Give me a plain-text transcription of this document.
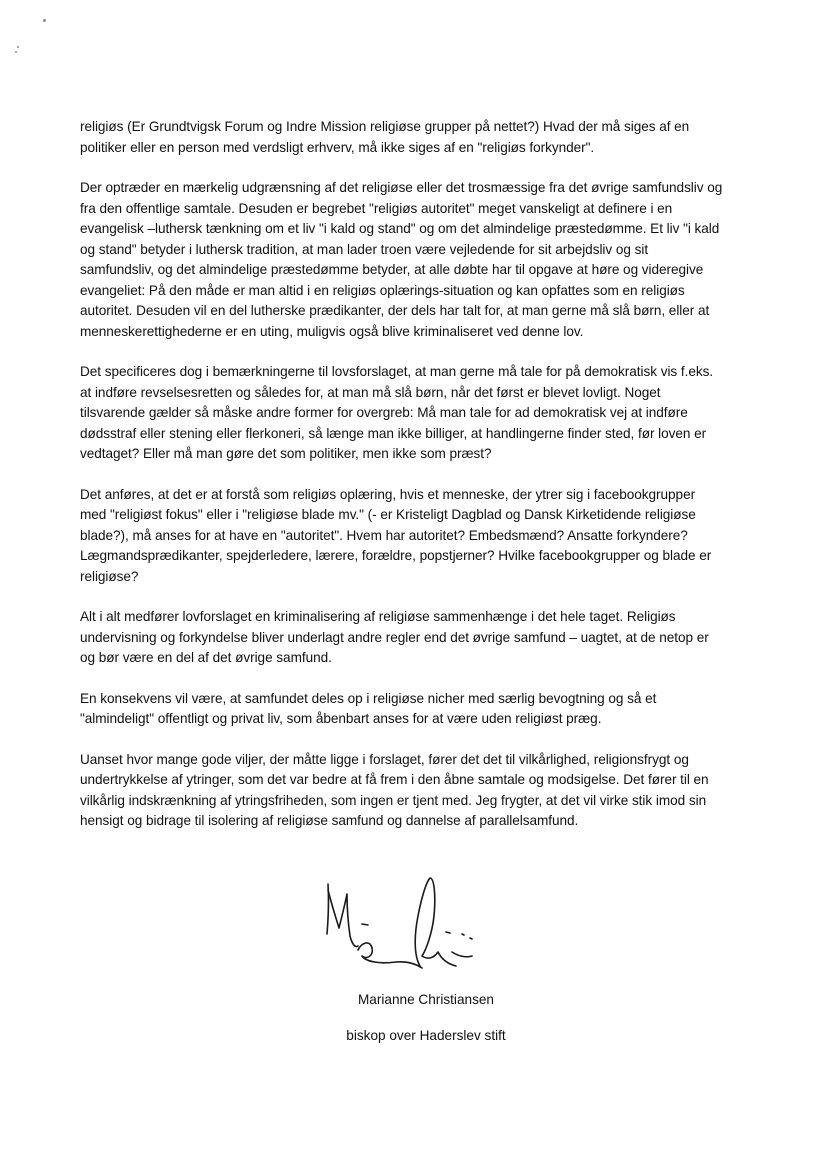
religiøs (Er Grundtvigsk Forum og Indre Mission religiøse grupper på nettet?) Hvad der må siges af en
politiker eller en person med verdsligt erhverv, må ikke siges af en "religiøs forkynder".

Der optræder en mærkelig udgrænsning af det religiøse eller det trosmæssige fra det øvrige samfundsliv og
fra den offentlige samtale. Desuden er begrebet "religiøs autoritet" meget vanskeligt at definere i en
evangelisk –luthersk tænkning om et liv "i kald og stand" og om det almindelige præstedømme. Et liv "i kald
og stand" betyder i luthersk tradition, at man lader troen være vejledende for sit arbejdsliv og sit
samfundsliv, og det almindelige præstedømme betyder, at alle døbte har til opgave at høre og videregive
evangeliet: På den måde er man altid i en religiøs oplærings-situation og kan opfattes som en religiøs
autoritet. Desuden vil en del lutherske prædikanter, der dels har talt for, at man gerne må slå børn, eller at
menneskerettighederne er en uting, muligvis også blive kriminaliseret ved denne lov.

Det specificeres dog i bemærkningerne til lovsforslaget, at man gerne må tale for på demokratisk vis f.eks.
at indføre revselsesretten og således for, at man må slå børn, når det først er blevet lovligt. Noget
tilsvarende gælder så måske andre former for overgreb: Må man tale for ad demokratisk vej at indføre
dødsstraf eller stening eller flerkoneri, så længe man ikke billiger, at handlingerne finder sted, før loven er
vedtaget? Eller må man gøre det som politiker, men ikke som præst?

Det anføres, at det er at forstå som religiøs oplæring, hvis et menneske, der ytrer sig i facebookgrupper
med "religiøst fokus" eller i "religiøse blade mv." (- er Kristeligt Dagblad og Dansk Kirketidende religiøse
blade?), må anses for at have en "autoritet". Hvem har autoritet? Embedsmænd? Ansatte forkyndere?
Lægmandsprædikanter, spejderledere, lærere, forældre, popstjerner? Hvilke facebookgrupper og blade er
religiøse?

Alt i alt medfører lovforslaget en kriminalisering af religiøse sammenhænge i det hele taget. Religiøs
undervisning og forkyndelse bliver underlagt andre regler end det øvrige samfund – uagtet, at de netop er
og bør være en del af det øvrige samfund.

En konsekvens vil være, at samfundet deles op i religiøse nicher med særlig bevogtning og så et
"almindeligt" offentligt og privat liv, som åbenbart anses for at være uden religiøst præg.

Uanset hvor mange gode viljer, der måtte ligge i forslaget, fører det det til vilkårlighed, religionsfrygt og
undertrykkelse af ytringer, som det var bedre at få frem i den åbne samtale og modsigelse. Det fører til en
vilkårlig indskrænkning af ytringsfriheden, som ingen er tjent med. Jeg frygter, at det vil virke stik imod sin
hensigt og bidrage til isolering af religiøse samfund og dannelse af parallelsamfund.

Marianne Christiansen
biskop over Haderslev stift
